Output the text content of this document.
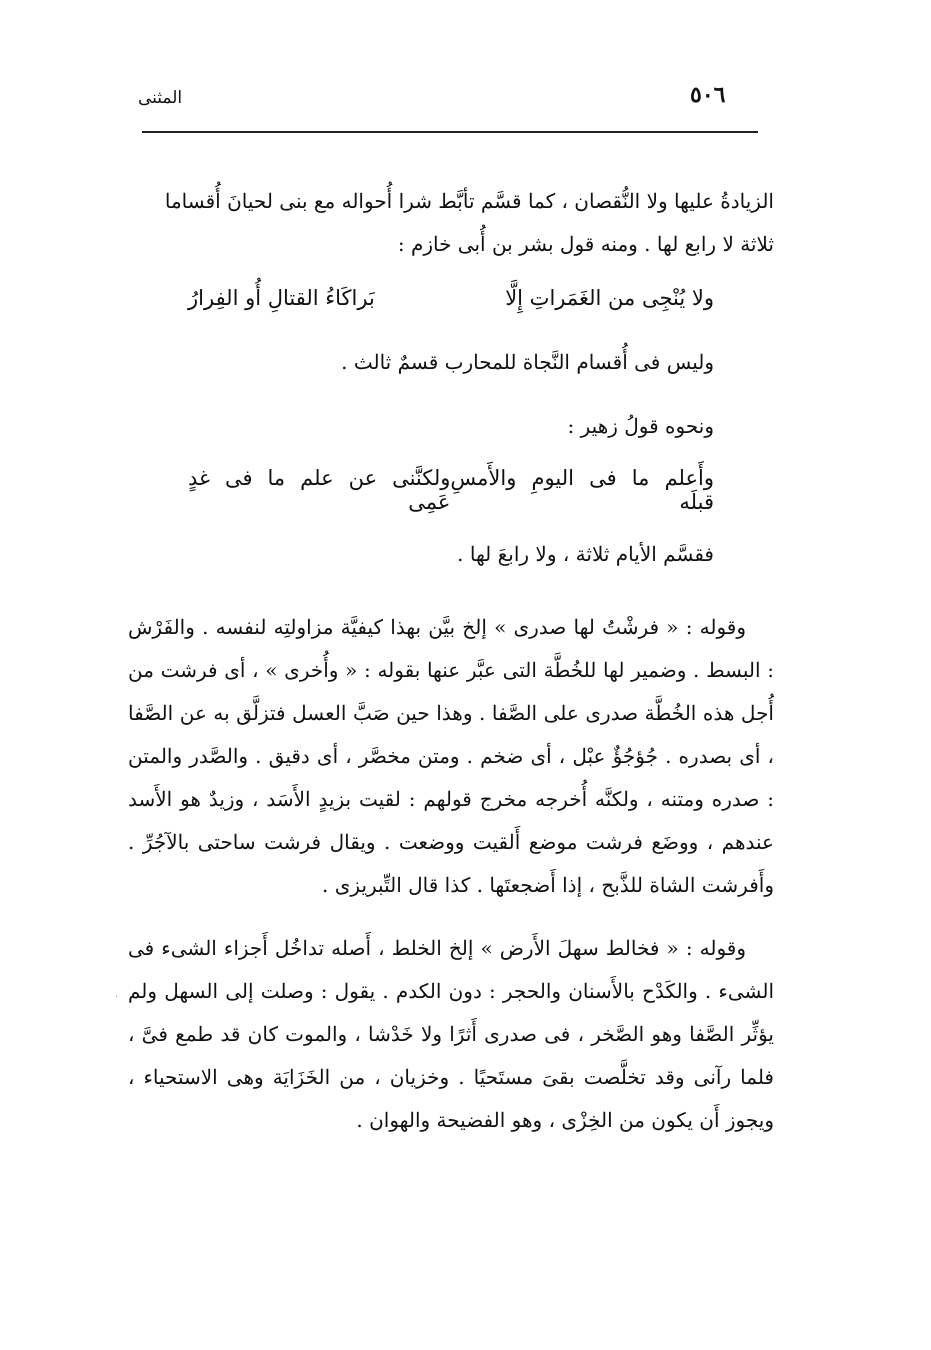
٥٠٦
المثنى
·

الزيادةُ عليها ولا النُّقصان ، كما قسَّم تأبَّط شرا أُحواله مع بنى لحيانَ أُقساما

ثلاثة لا رابع لها . ومنه قول بشر بن أُبى خازم :

ولا يُنْجِى من الغَمَراتِ إِلَّا
بَراكَاءُ القتالِ أُو الفِرارُ

وليس فى أُقسام النَّجاة للمحارب قسمٌ ثالث .

ونحوه قولُ زهير :

وأَعلم ما فى اليومِ والأَمسِ قبلَه
ولكنَّنى عن علم ما فى غدٍ عَمِى

فقسَّم الأيام ثلاثة ، ولا رابعَ لها .

وقوله : « فرشْتُ لها صدرى » إلخ بيَّن بهذا كيفيَّة مزاولتِه لنفسه . والفَرْش : البسط . وضمير لها للخُطَّة التى عبَّر عنها بقوله : « وأُخرى » ، أى فرشت من أُجل هذه الخُطَّة صدرى على الصَّفا . وهذا حين صَبَّ العسل فتزلَّق به عن الصَّفا ، أى بصدره . جُؤجُؤٌ عبْل ، أى ضخم . ومتن مخصَّر ، أى دقيق . والصَّدر والمتن : صدره ومتنه ، ولكنَّه أُخرجه مخرج قولهم : لقيت بزيدٍ الأَسَد ، وزيدٌ هو الأَسد عندهم ، ووضَع فرشت موضع أَلقيت ووضعت . ويقال فرشت ساحتى بالآجُرِّ . وأَفرشت الشاة للذَّبح ، إذا أَضجعتَها . كذا قال التِّبريزى .

وقوله : « فخالط سهلَ الأَرض » إلخ الخلط ، أَصله تداخُل أَجزاء الشىء فى الشىء . والكَدْح بالأَسنان والحجر : دون الكدم . يقول : وصلت إلى السهل ولم يؤثِّر الصَّفا وهو الصَّخر ، فى صدرى أَثرًا ولا خَدْشا ، والموت كان قد طمع فىَّ ، فلما رآنى وقد تخلَّصت بقىَ مستَحيًا . وخزيان ، من الخَزَايَة وهى الاستحياء ، ويجوز أَن يكون من الخِزْى ، وهو الفضيحة والهوان .
